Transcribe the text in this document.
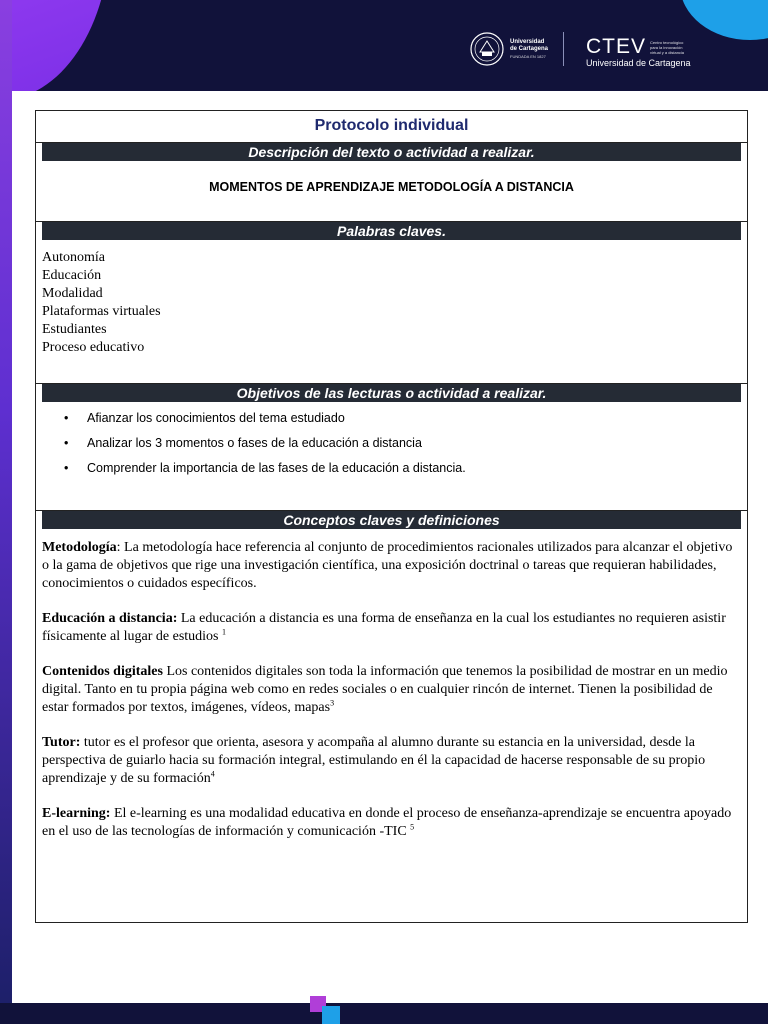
Universidad
de Cartagena
FUNDADA EN 1827 CTEV Centro tecnológico para la innovación virtual y a distancia
Universidad de Cartagena
Protocolo individual
Descripción del texto o actividad a realizar.
MOMENTOS DE APRENDIZAJE METODOLOGÍA A DISTANCIA
Palabras claves.
Autonomía
Educación
Modalidad
Plataformas virtuales
Estudiantes
Proceso educativo
Objetivos de las lecturas o actividad a realizar.
• Afianzar los conocimientos del tema estudiado
• Analizar los 3 momentos o fases de la educación a distancia
• Comprender la importancia de las fases de la educación a distancia.
Conceptos claves y definiciones

Metodología: La metodología hace referencia al conjunto de procedimientos racionales utilizados para alcanzar el objetivo o la gama de objetivos que rige una investigación científica, una exposición doctrinal o tareas que requieran habilidades, conocimientos o cuidados específicos.

Educación a distancia: La educación a distancia es una forma de enseñanza en la cual los estudiantes no requieren asistir físicamente al lugar de estudios $^1$

Contenidos digitales Los contenidos digitales son toda la información que tenemos la posibilidad de mostrar en un medio digital. Tanto en tu propia página web como en redes sociales o en cualquier rincón de internet. Tienen la posibilidad de estar formados por textos, imágenes, vídeos, mapas$^3$

Tutor: tutor es el profesor que orienta, asesora y acompaña al alumno durante su estancia en la universidad, desde la perspectiva de guiarlo hacia su formación integral, estimulando en él la capacidad de hacerse responsable de su propio aprendizaje y de su formación$^4$

E-learning: El e-learning es una modalidad educativa en donde el proceso de enseñanza-aprendizaje se encuentra apoyado en el uso de las tecnologías de información y comunicación -TIC $^5$
